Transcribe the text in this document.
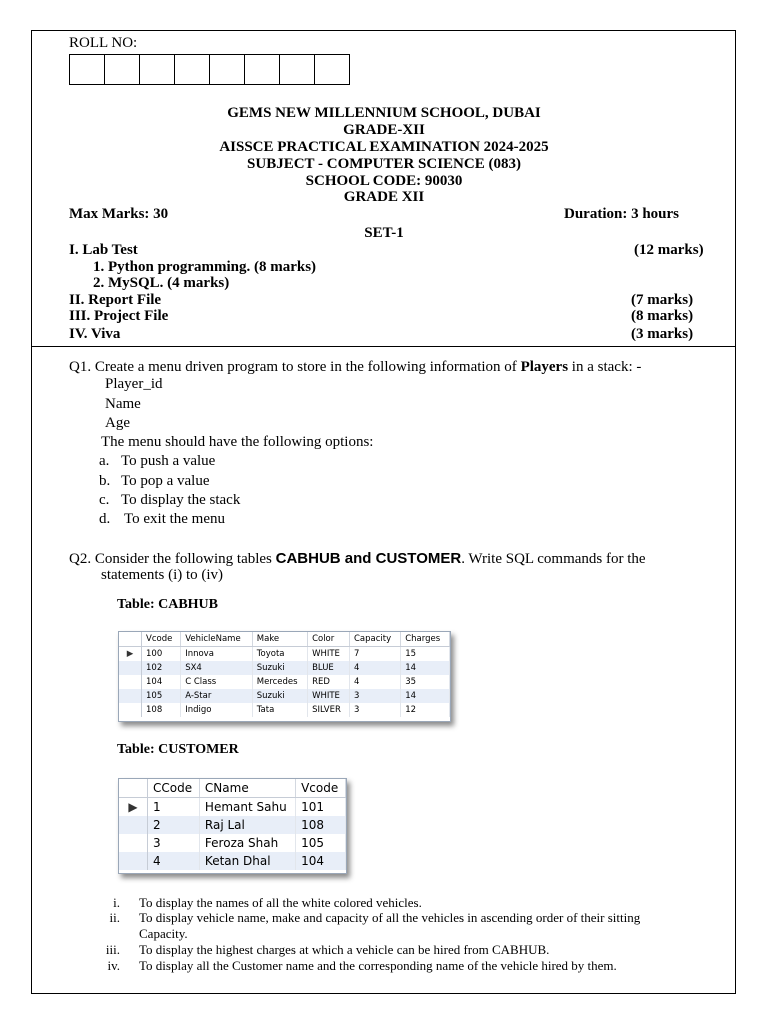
ROLL NO:
GEMS NEW MILLENNIUM SCHOOL, DUBAI
GRADE-XII
AISSCE PRACTICAL EXAMINATION 2024-2025
SUBJECT - COMPUTER SCIENCE (083)
SCHOOL CODE: 90030
GRADE XII
Max Marks: 30	Duration: 3 hours
SET-1
I. Lab Test	(12 marks)
1. Python programming. (8 marks)
2. MySQL. (4 marks)
II. Report File	(7 marks)
III. Project File	(8 marks)
IV. Viva	(3 marks)
Q1. Create a menu driven program to store in the following information of Players in a stack: -
Player_id
Name
Age
The menu should have the following options:
a. To push a value
b. To pop a value
c. To display the stack
d. To exit the menu
Q2. Consider the following tables CABHUB and CUSTOMER. Write SQL commands for the
statements (i) to (iv)
Table: CABHUB
	Vcode	VehicleName	Make	Color	Capacity	Charges
▶	100	Innova	Toyota	WHITE	7	15
	102	SX4	Suzuki	BLUE	4	14
	104	C Class	Mercedes	RED	4	35
	105	A-Star	Suzuki	WHITE	3	14
	108	Indigo	Tata	SILVER	3	12
Table: CUSTOMER
	CCode	CName	Vcode
▶	1	Hemant Sahu	101
	2	Raj Lal	108
	3	Feroza Shah	105
	4	Ketan Dhal	104
i. To display the names of all the white colored vehicles.
ii. To display vehicle name, make and capacity of all the vehicles in ascending order of their sitting
Capacity.
iii. To display the highest charges at which a vehicle can be hired from CABHUB.
iv. To display all the Customer name and the corresponding name of the vehicle hired by them.
